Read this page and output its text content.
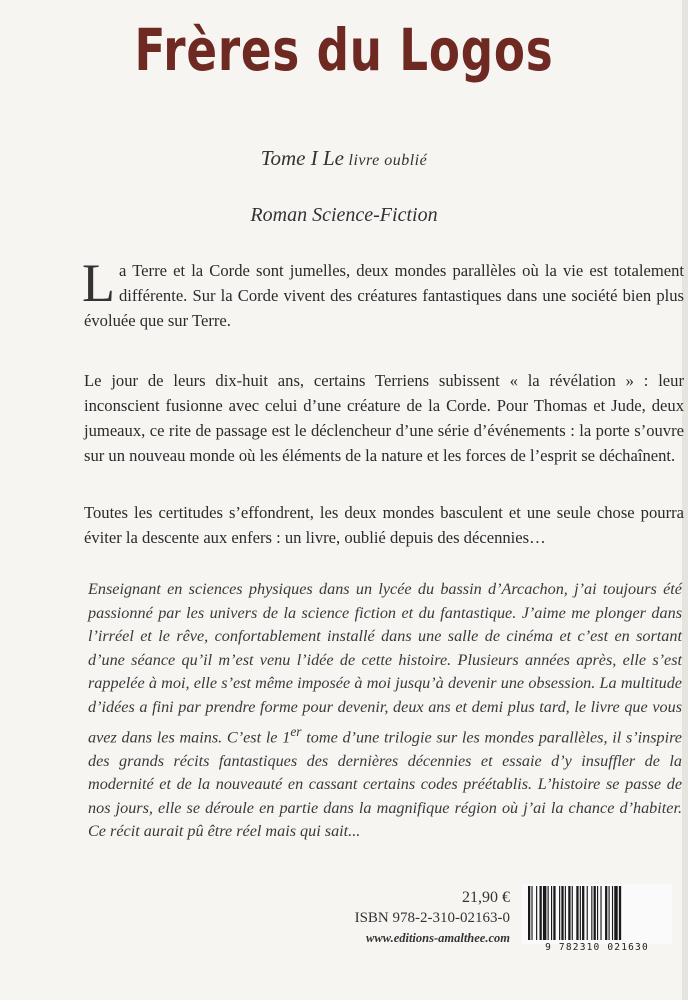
Frères du Logos
Tome I Le livre oublié
Roman Science-Fiction
La Terre et la Corde sont jumelles, deux mondes parallèles où la vie est totalement différente. Sur la Corde vivent des créatures fantastiques dans une société bien plus évoluée que sur Terre.
Le jour de leurs dix-huit ans, certains Terriens subissent « la révélation » : leur inconscient fusionne avec celui d’une créature de la Corde. Pour Thomas et Jude, deux jumeaux, ce rite de passage est le déclencheur d’une série d’événements : la porte s’ouvre sur un nouveau monde où les éléments de la nature et les forces de l’esprit se déchaînent.
Toutes les certitudes s’effondrent, les deux mondes basculent et une seule chose pourra éviter la descente aux enfers : un livre, oublié depuis des décennies…
Enseignant en sciences physiques dans un lycée du bassin d’Arcachon, j’ai toujours été passionné par les univers de la science fiction et du fantastique. J’aime me plonger dans l’irréel et le rêve, confortablement installé dans une salle de cinéma et c’est en sortant d’une séance qu’il m’est venu l’idée de cette histoire. Plusieurs années après, elle s’est rappelée à moi, elle s’est même imposée à moi jusqu’à devenir une obsession. La multitude d’idées a fini par prendre forme pour devenir, deux ans et demi plus tard, le livre que vous avez dans les mains. C’est le 1er tome d’une trilogie sur les mondes parallèles, il s’inspire des grands récits fantastiques des dernières décennies et essaie d’y insuffler de la modernité et de la nouveauté en cassant certains codes préétablis. L’histoire se passe de nos jours, elle se déroule en partie dans la magnifique région où j’ai la chance d’habiter. Ce récit aurait pû être réel mais qui sait...
21,90 €
ISBN 978-2-310-02163-0
www.editions-amalthee.com
9 782310 021630
